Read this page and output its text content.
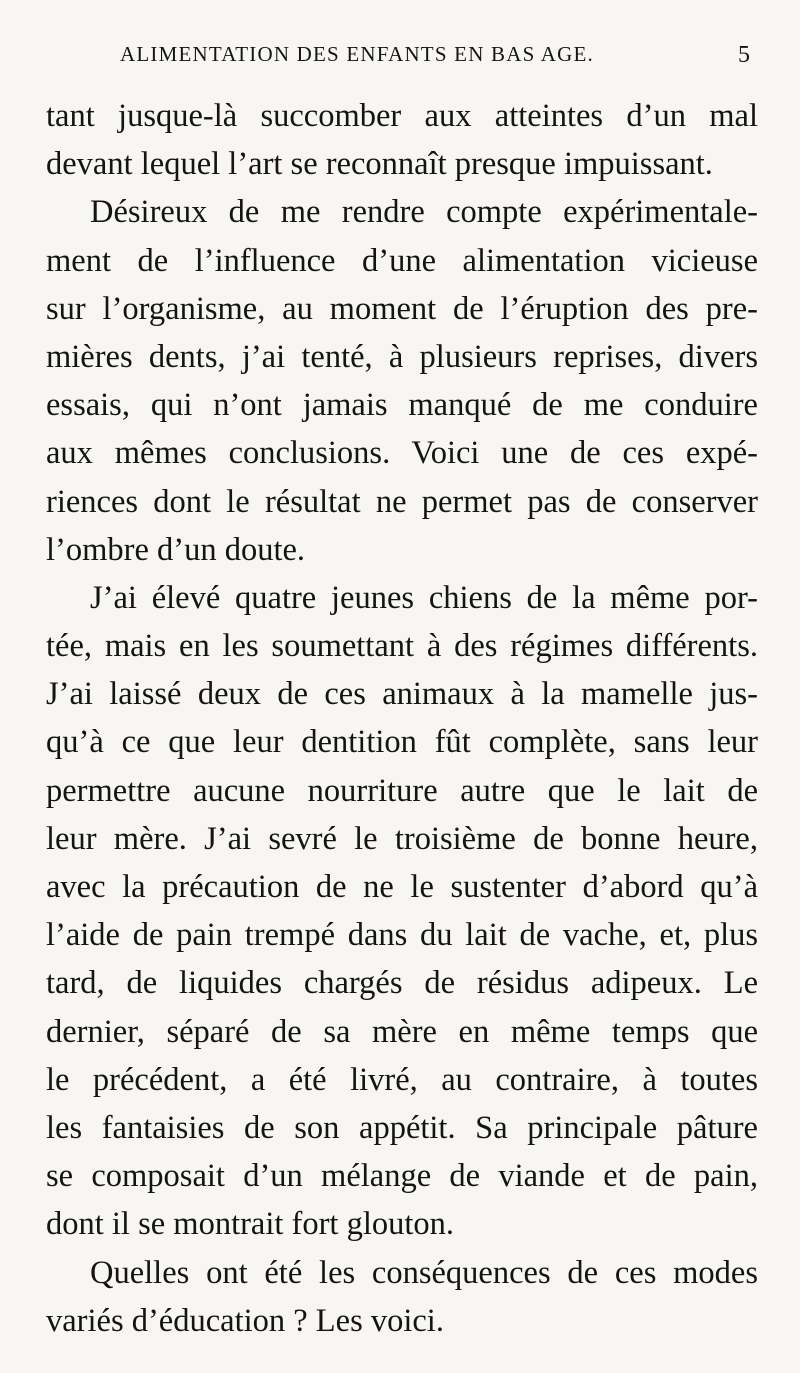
ALIMENTATION DES ENFANTS EN BAS AGE.	5
tant jusque-là succomber aux atteintes d’un mal
devant lequel l’art se reconnaît presque impuissant.
Désireux de me rendre compte expérimentale-
ment de l’influence d’une alimentation vicieuse
sur l’organisme, au moment de l’éruption des pre-
mières dents, j’ai tenté, à plusieurs reprises, divers
essais, qui n’ont jamais manqué de me conduire
aux mêmes conclusions. Voici une de ces expé-
riences dont le résultat ne permet pas de conserver
l’ombre d’un doute.
J’ai élevé quatre jeunes chiens de la même por-
tée, mais en les soumettant à des régimes différents.
J’ai laissé deux de ces animaux à la mamelle jus-
qu’à ce que leur dentition fût complète, sans leur
permettre aucune nourriture autre que le lait de
leur mère. J’ai sevré le troisième de bonne heure,
avec la précaution de ne le sustenter d’abord qu’à
l’aide de pain trempé dans du lait de vache, et, plus
tard, de liquides chargés de résidus adipeux. Le
dernier, séparé de sa mère en même temps que
le précédent, a été livré, au contraire, à toutes
les fantaisies de son appétit. Sa principale pâture
se composait d’un mélange de viande et de pain,
dont il se montrait fort glouton.
Quelles ont été les conséquences de ces modes
variés d’éducation ? Les voici.
